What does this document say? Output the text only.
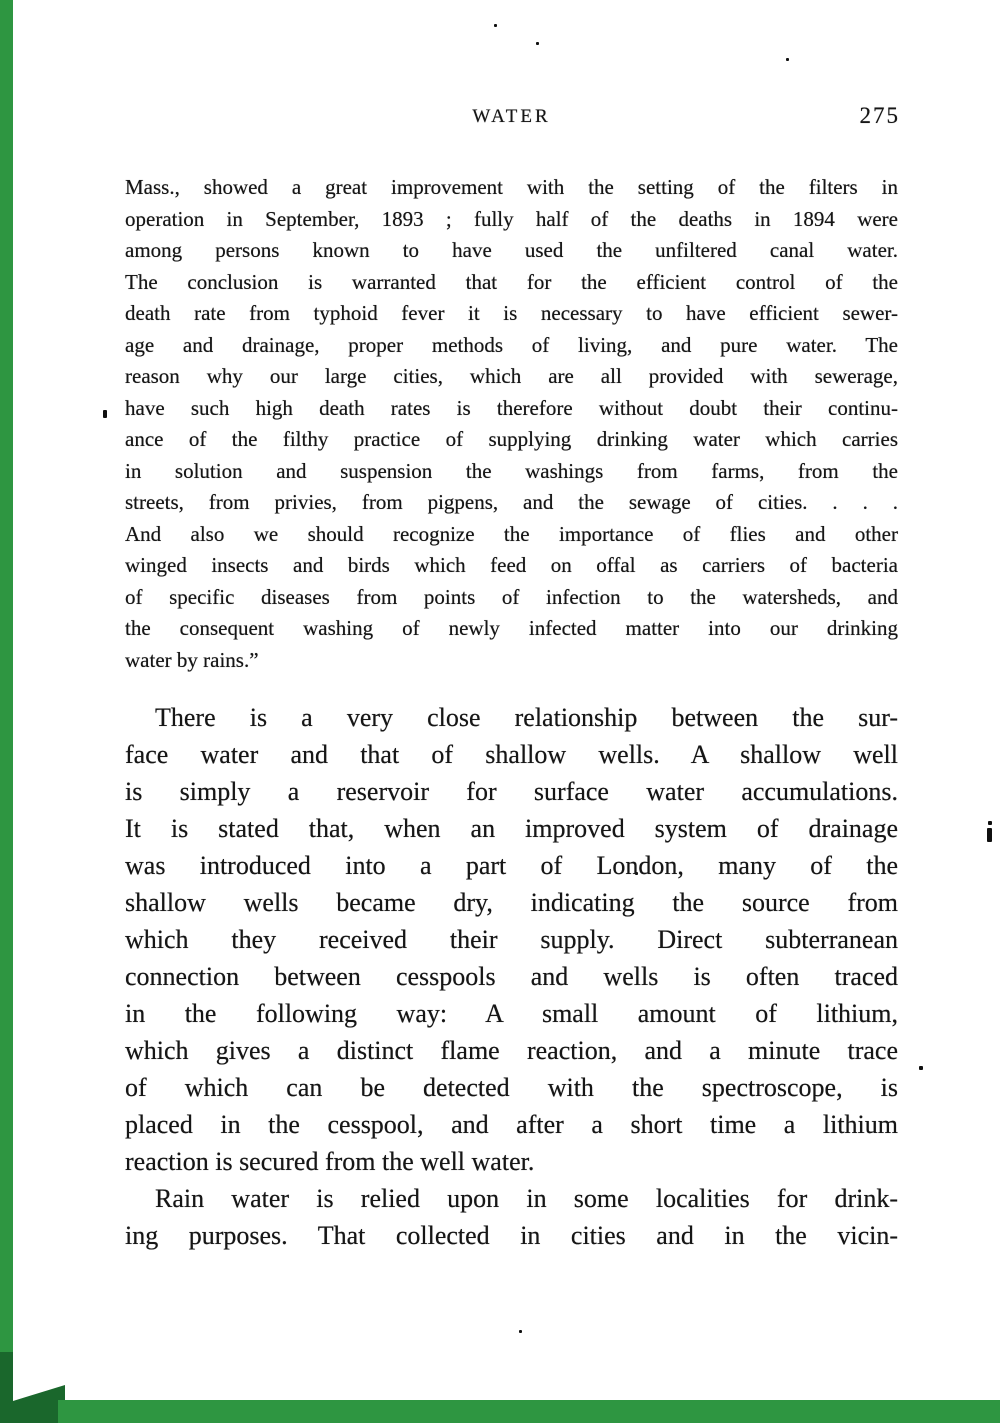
WATER	275
Mass., showed a great improvement with the setting of the filters in
operation in September, 1893 ; fully half of the deaths in 1894 were
among persons known to have used the unfiltered canal water.
The conclusion is warranted that for the efficient control of the
death rate from typhoid fever it is necessary to have efficient sewer-
age and drainage, proper methods of living, and pure water. The
reason why our large cities, which are all provided with sewerage,
have such high death rates is therefore without doubt their continu-
ance of the filthy practice of supplying drinking water which carries
in solution and suspension the washings from farms, from the
streets, from privies, from pigpens, and the sewage of cities. . . .
And also we should recognize the importance of flies and other
winged insects and birds which feed on offal as carriers of bacteria
of specific diseases from points of infection to the watersheds, and
the consequent washing of newly infected matter into our drinking
water by rains.”
There is a very close relationship between the sur-
face water and that of shallow wells. A shallow well
is simply a reservoir for surface water accumulations.
It is stated that, when an improved system of drainage
was introduced into a part of London, many of the
shallow wells became dry, indicating the source from
which they received their supply. Direct subterranean
connection between cesspools and wells is often traced
in the following way: A small amount of lithium,
which gives a distinct flame reaction, and a minute trace
of which can be detected with the spectroscope, is
placed in the cesspool, and after a short time a lithium
reaction is secured from the well water.
Rain water is relied upon in some localities for drink-
ing purposes. That collected in cities and in the vicin-
